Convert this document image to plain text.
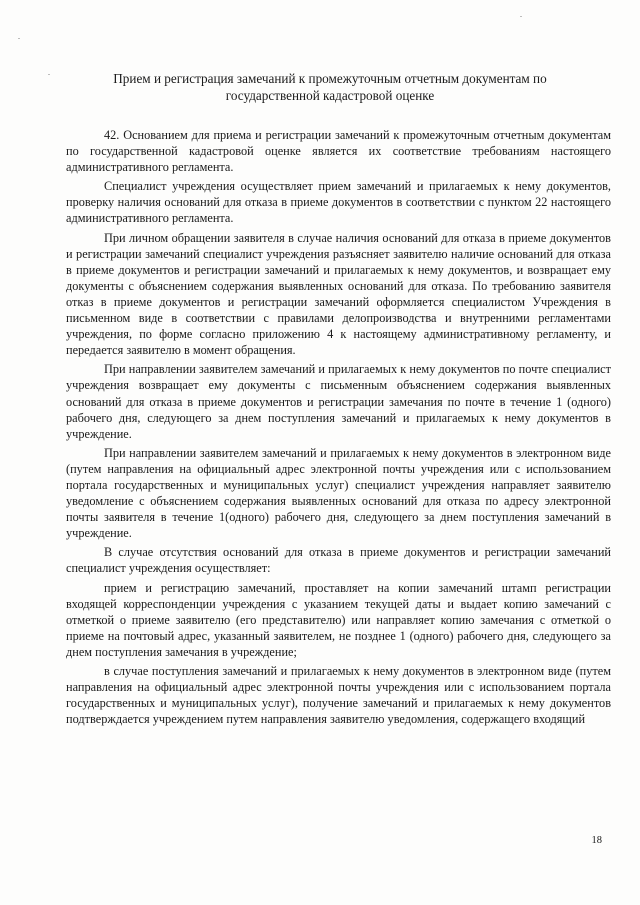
Прием и регистрация замечаний к промежуточным отчетным документам по
государственной кадастровой оценке

42. Основанием для приема и регистрации замечаний к промежуточным отчетным документам по государственной кадастровой оценке является их соответствие требованиям настоящего административного регламента.

Специалист учреждения осуществляет прием замечаний и прилагаемых к нему документов, проверку наличия оснований для отказа в приеме документов в соответствии с пунктом 22 настоящего административного регламента.

При личном обращении заявителя в случае наличия оснований для отказа в приеме документов и регистрации замечаний специалист учреждения разъясняет заявителю наличие оснований для отказа в приеме документов и регистрации замечаний и прилагаемых к нему документов, и возвращает ему документы с объяснением содержания выявленных оснований для отказа. По требованию заявителя отказ в приеме документов и регистрации замечаний оформляется специалистом Учреждения в письменном виде в соответствии с правилами делопроизводства и внутренними регламентами учреждения, по форме согласно приложению 4 к настоящему административному регламенту, и передается заявителю в момент обращения.

При направлении заявителем замечаний и прилагаемых к нему документов по почте специалист учреждения возвращает ему документы с письменным объяснением содержания выявленных оснований для отказа в приеме документов и регистрации замечания по почте в течение 1 (одного) рабочего дня, следующего за днем поступления замечаний и прилагаемых к нему документов в учреждение.

При направлении заявителем замечаний и прилагаемых к нему документов в электронном виде (путем направления на официальный адрес электронной почты учреждения или с использованием портала государственных и муниципальных услуг) специалист учреждения направляет заявителю уведомление с объяснением содержания выявленных оснований для отказа по адресу электронной почты заявителя в течение 1(одного) рабочего дня, следующего за днем поступления замечаний в учреждение.

В случае отсутствия оснований для отказа в приеме документов и регистрации замечаний специалист учреждения осуществляет:

прием и регистрацию замечаний, проставляет на копии замечаний штамп регистрации входящей корреспонденции учреждения с указанием текущей даты и выдает копию замечаний с отметкой о приеме заявителю (его представителю) или направляет копию замечания с отметкой о приеме на почтовый адрес, указанный заявителем, не позднее 1 (одного) рабочего дня, следующего за днем поступления замечания в учреждение;

в случае поступления замечаний и прилагаемых к нему документов в электронном виде (путем направления на официальный адрес электронной почты учреждения или с использованием портала государственных и муниципальных услуг), получение замечаний и прилагаемых к нему документов подтверждается учреждением путем направления заявителю уведомления, содержащего входящий

18
